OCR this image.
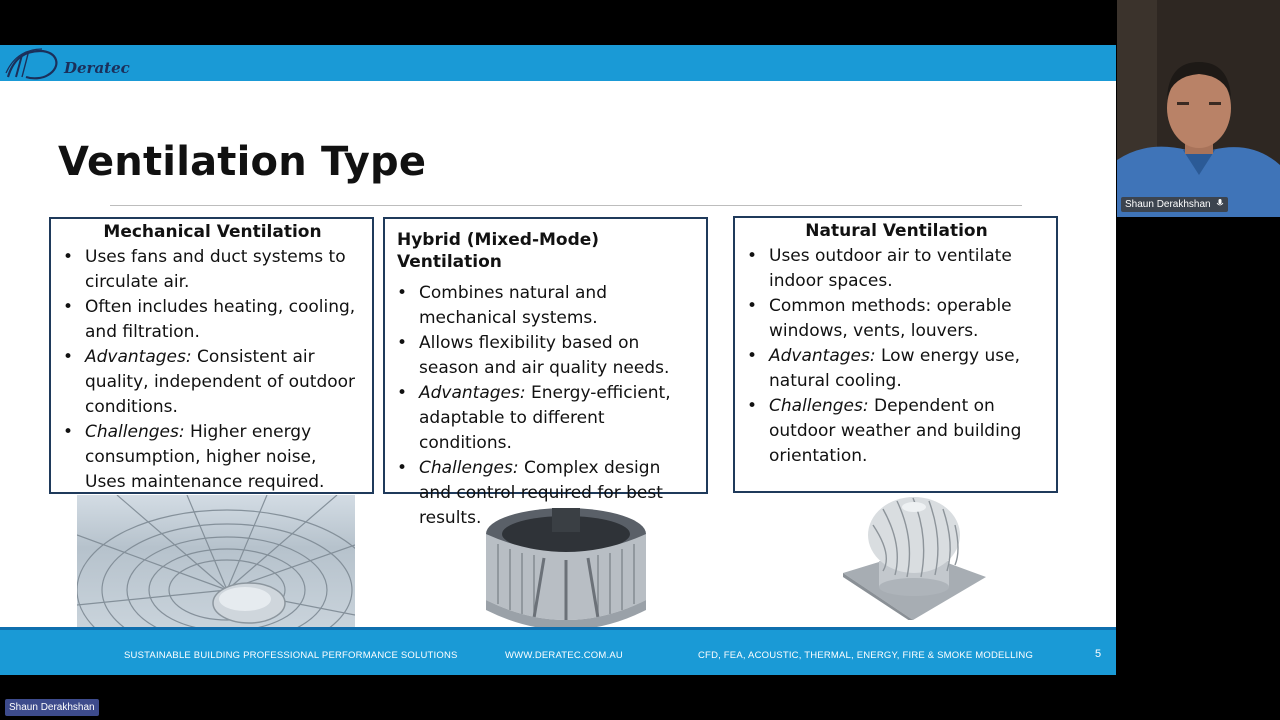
Deratec
Ventilation Type
Mechanical Ventilation
• Uses fans and duct systems to circulate air.
• Often includes heating, cooling, and filtration.
• Advantages: Consistent air quality, independent of outdoor conditions.
• Challenges: Higher energy consumption, higher noise, Uses maintenance required.
Hybrid (Mixed-Mode) Ventilation
• Combines natural and mechanical systems.
• Allows flexibility based on season and air quality needs.
• Advantages: Energy-efficient, adaptable to different conditions.
• Challenges: Complex design and control required for best results.
Natural Ventilation
• Uses outdoor air to ventilate indoor spaces.
• Common methods: operable windows, vents, louvers.
• Advantages: Low energy use, natural cooling.
• Challenges: Dependent on outdoor weather and building orientation.
SUSTAINABLE BUILDING PROFESSIONAL PERFORMANCE SOLUTIONS	WWW.DERATEC.COM.AU	CFD, FEA, ACOUSTIC, THERMAL, ENERGY, FIRE & SMOKE MODELLING	5
Shaun Derakhshan
Shaun Derakhshan
